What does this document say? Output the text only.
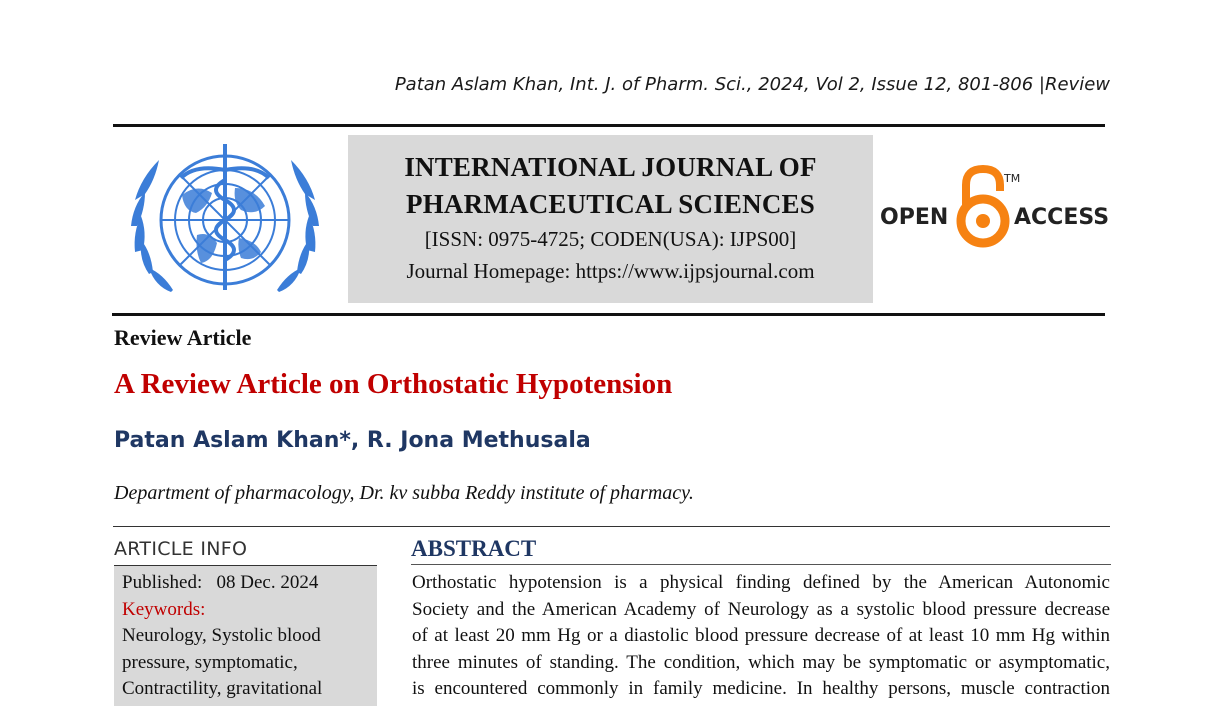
Patan Aslam Khan, Int. J. of Pharm. Sci., 2024, Vol 2, Issue 12, 801-806 |Review
INTERNATIONAL JOURNAL OF
PHARMACEUTICAL SCIENCES
[ISSN: 0975-4725; CODEN(USA): IJPS00]
Journal Homepage: https://www.ijpsjournal.com
OPEN	ACCESS
TM
Review Article
A Review Article on Orthostatic Hypotension
Patan Aslam Khan*, R. Jona Methusala
Department of pharmacology, Dr. kv subba Reddy institute of pharmacy.
ARTICLE INFO
Published: 08 Dec. 2024
Keywords:
Neurology, Systolic blood
pressure, symptomatic,
Contractility, gravitational
ABSTRACT
Orthostatic hypotension is a physical finding defined by the American Autonomic
Society and the American Academy of Neurology as a systolic blood pressure decrease
of at least 20 mm Hg or a diastolic blood pressure decrease of at least 10 mm Hg within
three minutes of standing. The condition, which may be symptomatic or asymptomatic,
is encountered commonly in family medicine. In healthy persons, muscle contraction
